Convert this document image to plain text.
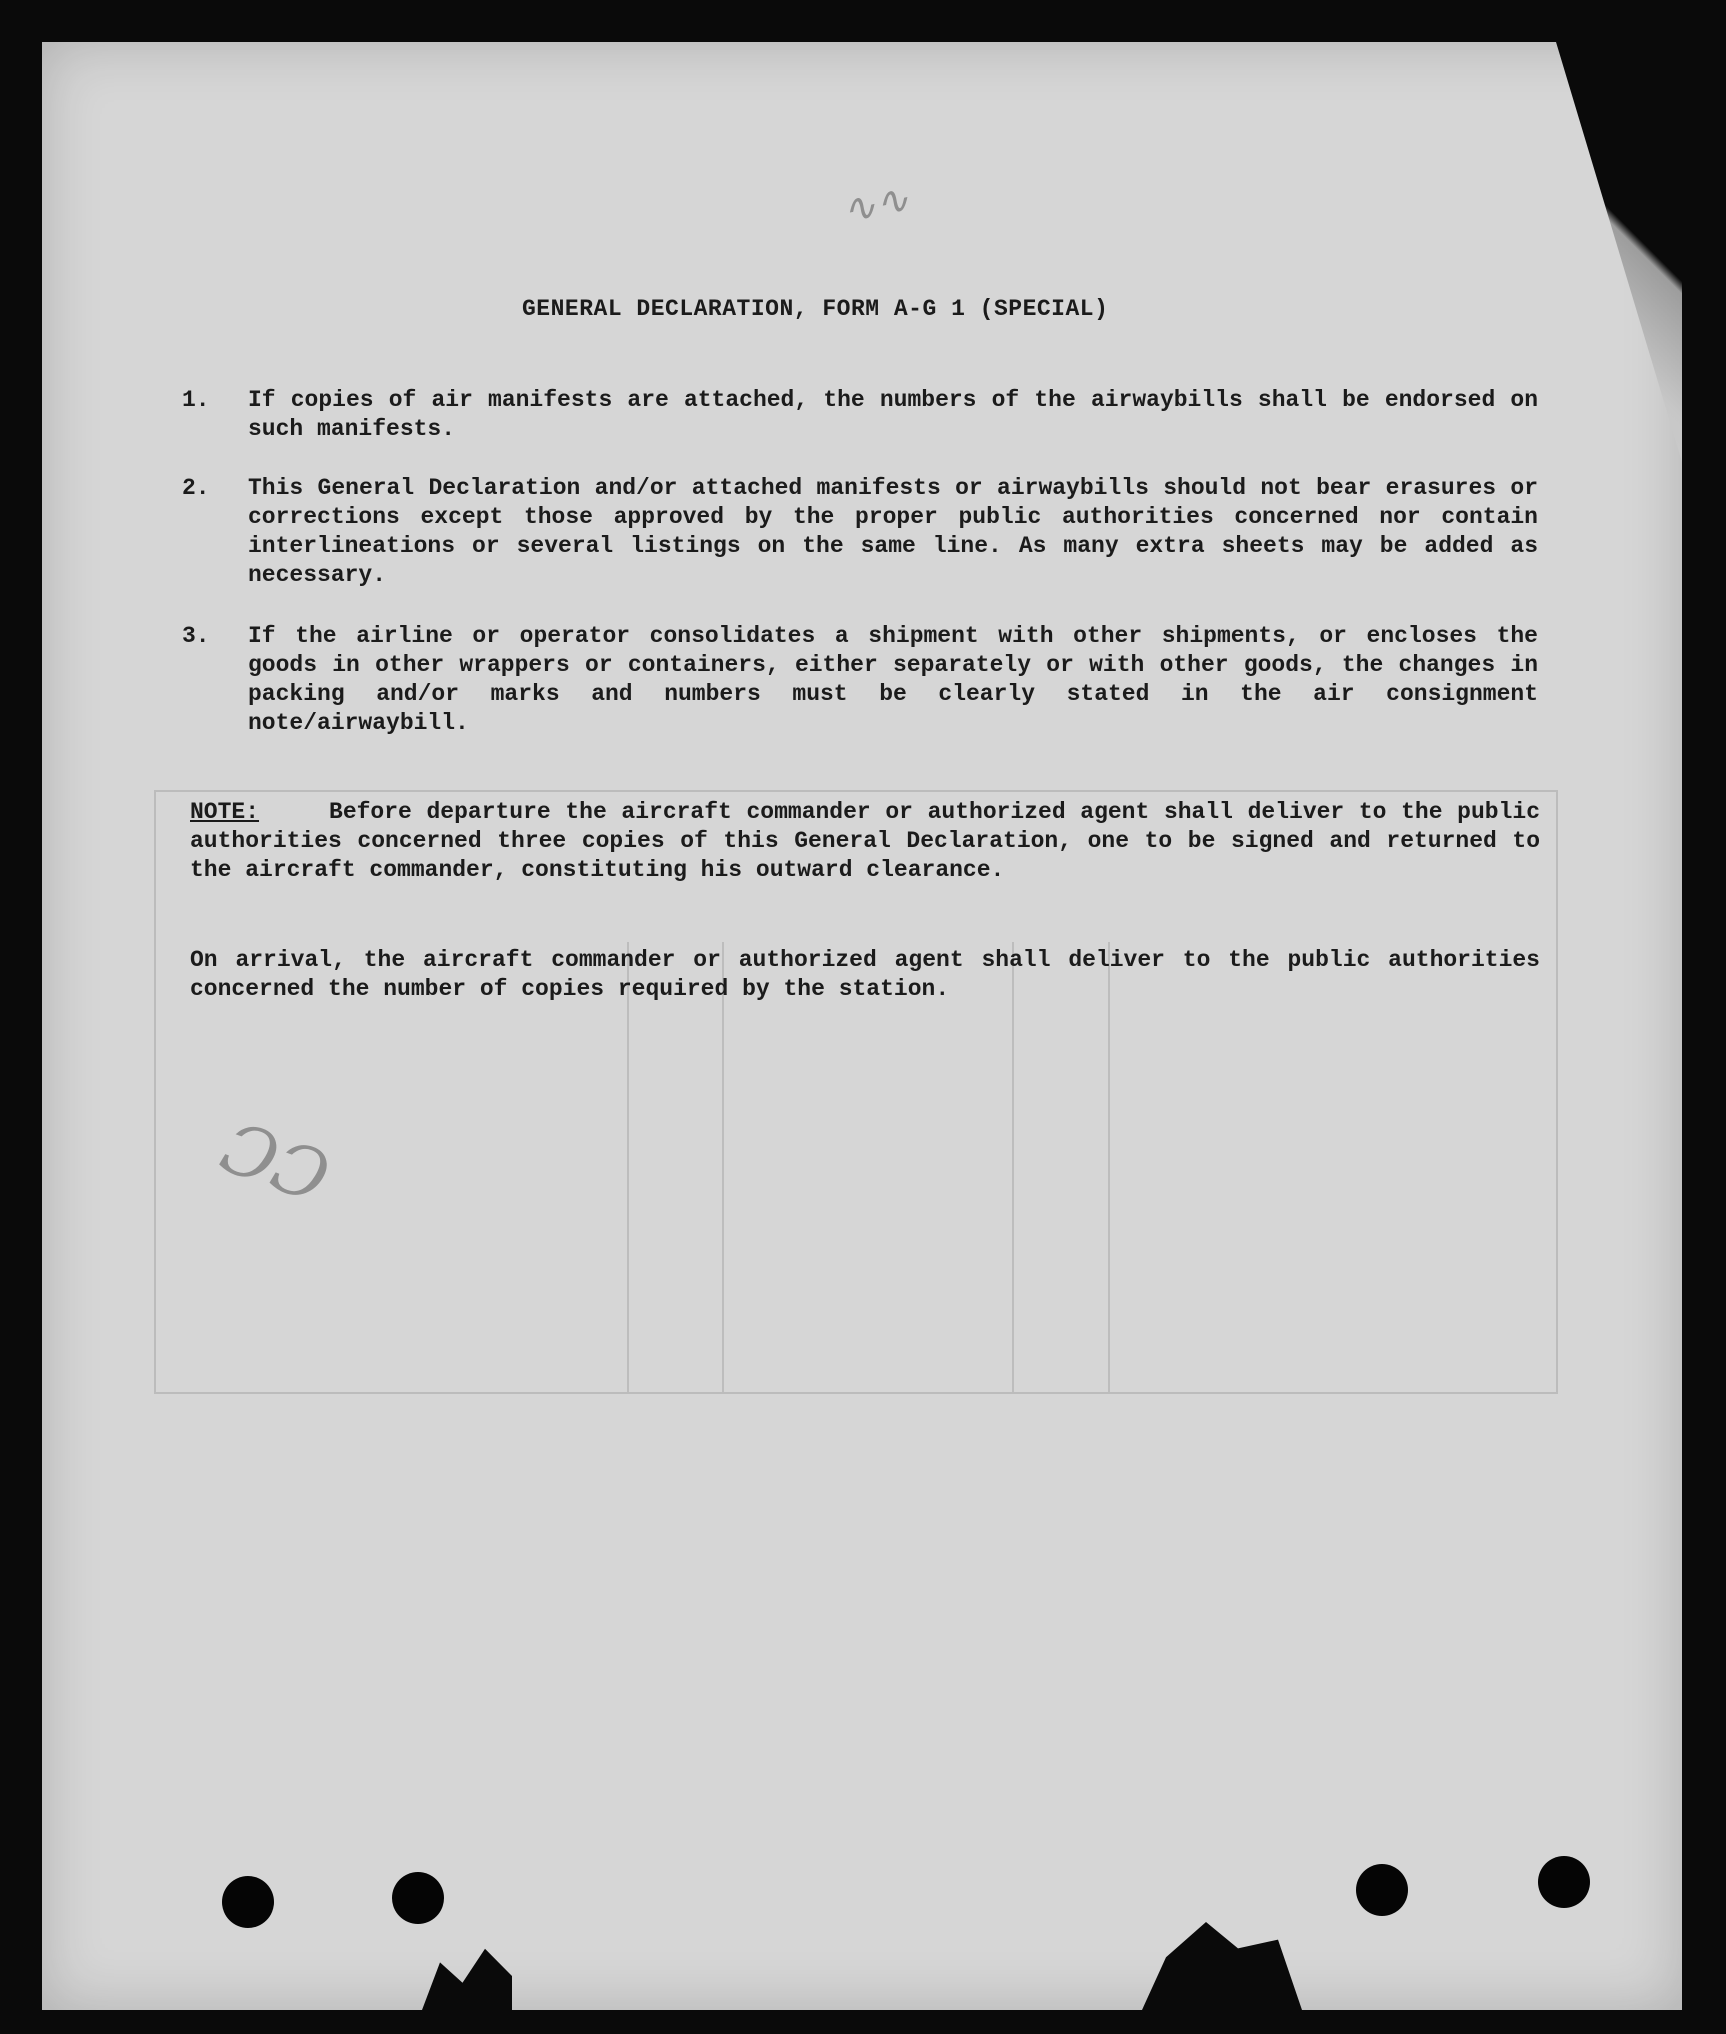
∿∿
ƆƆ
GENERAL DECLARATION, FORM A-G 1 (SPECIAL)
1. If copies of air manifests are attached, the numbers of the airwaybills shall be endorsed on such manifests.
2. This General Declaration and/or attached manifests or airwaybills should not bear erasures or corrections except those approved by the proper public authorities concerned nor contain interlineations or several listings on the same line. As many extra sheets may be added as necessary.
3. If the airline or operator consolidates a shipment with other shipments, or encloses the goods in other wrappers or containers, either separately or with other goods, the changes in packing and/or marks and numbers must be clearly stated in the air consignment note/airwaybill.
NOTE:	Before departure the aircraft commander or authorized agent shall deliver to the public authorities concerned three copies of this General Declaration, one to be signed and returned to the aircraft commander, constituting his outward clearance.
On arrival, the aircraft commander or authorized agent shall deliver to the public authorities concerned the number of copies required by the station.
